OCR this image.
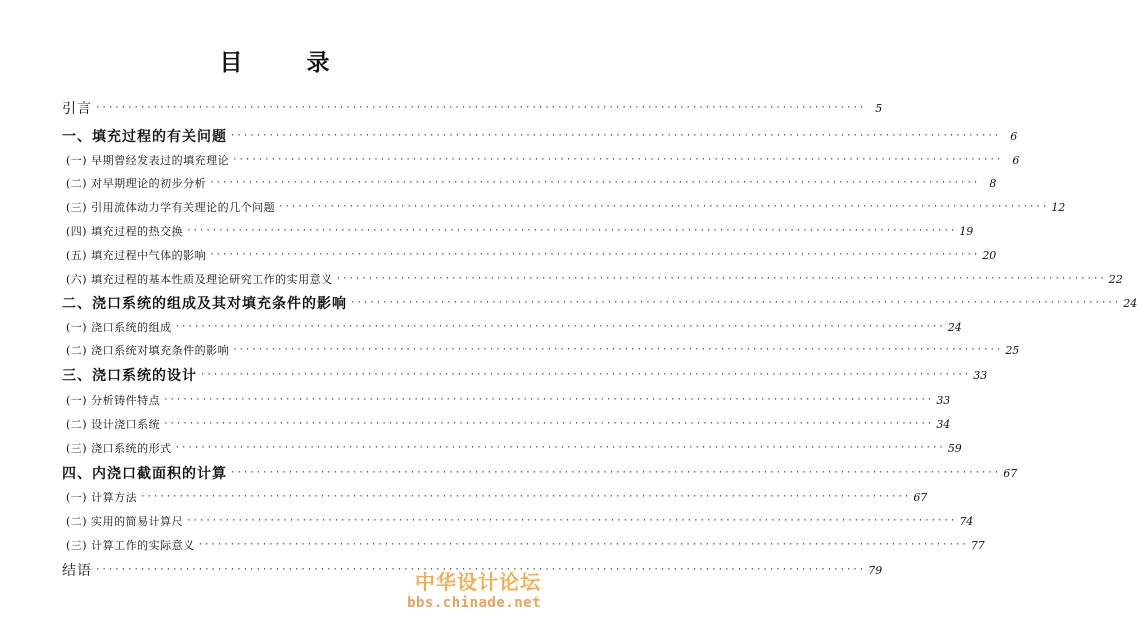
目 录
引言 ························································································································ 5
一、填充过程的有关问题 ························································································································ 6
(一) 早期曾经发表过的填充理论 ························································································································ 6
(二) 对早期理论的初步分析 ························································································································ 8
(三) 引用流体动力学有关理论的几个问题 ························································································································ 12
(四) 填充过程的热交换 ························································································································ 19
(五) 填充过程中气体的影响 ························································································································ 20
(六) 填充过程的基本性质及理论研究工作的实用意义 ························································································································ 22
二、浇口系统的组成及其对填充条件的影响 ························································································································ 24
(一) 浇口系统的组成 ························································································································ 24
(二) 浇口系统对填充条件的影响 ························································································································ 25
三、浇口系统的设计 ························································································································ 33
(一) 分析铸件特点 ························································································································ 33
(二) 设计浇口系统 ························································································································ 34
(三) 浇口系统的形式 ························································································································ 59
四、内浇口截面积的计算 ························································································································ 67
(一) 计算方法 ························································································································ 67
(二) 实用的简易计算尺 ························································································································ 74
(三) 计算工作的实际意义 ························································································································ 77
结语 ························································································································ 79
中华设计论坛
bbs.chinade.net
